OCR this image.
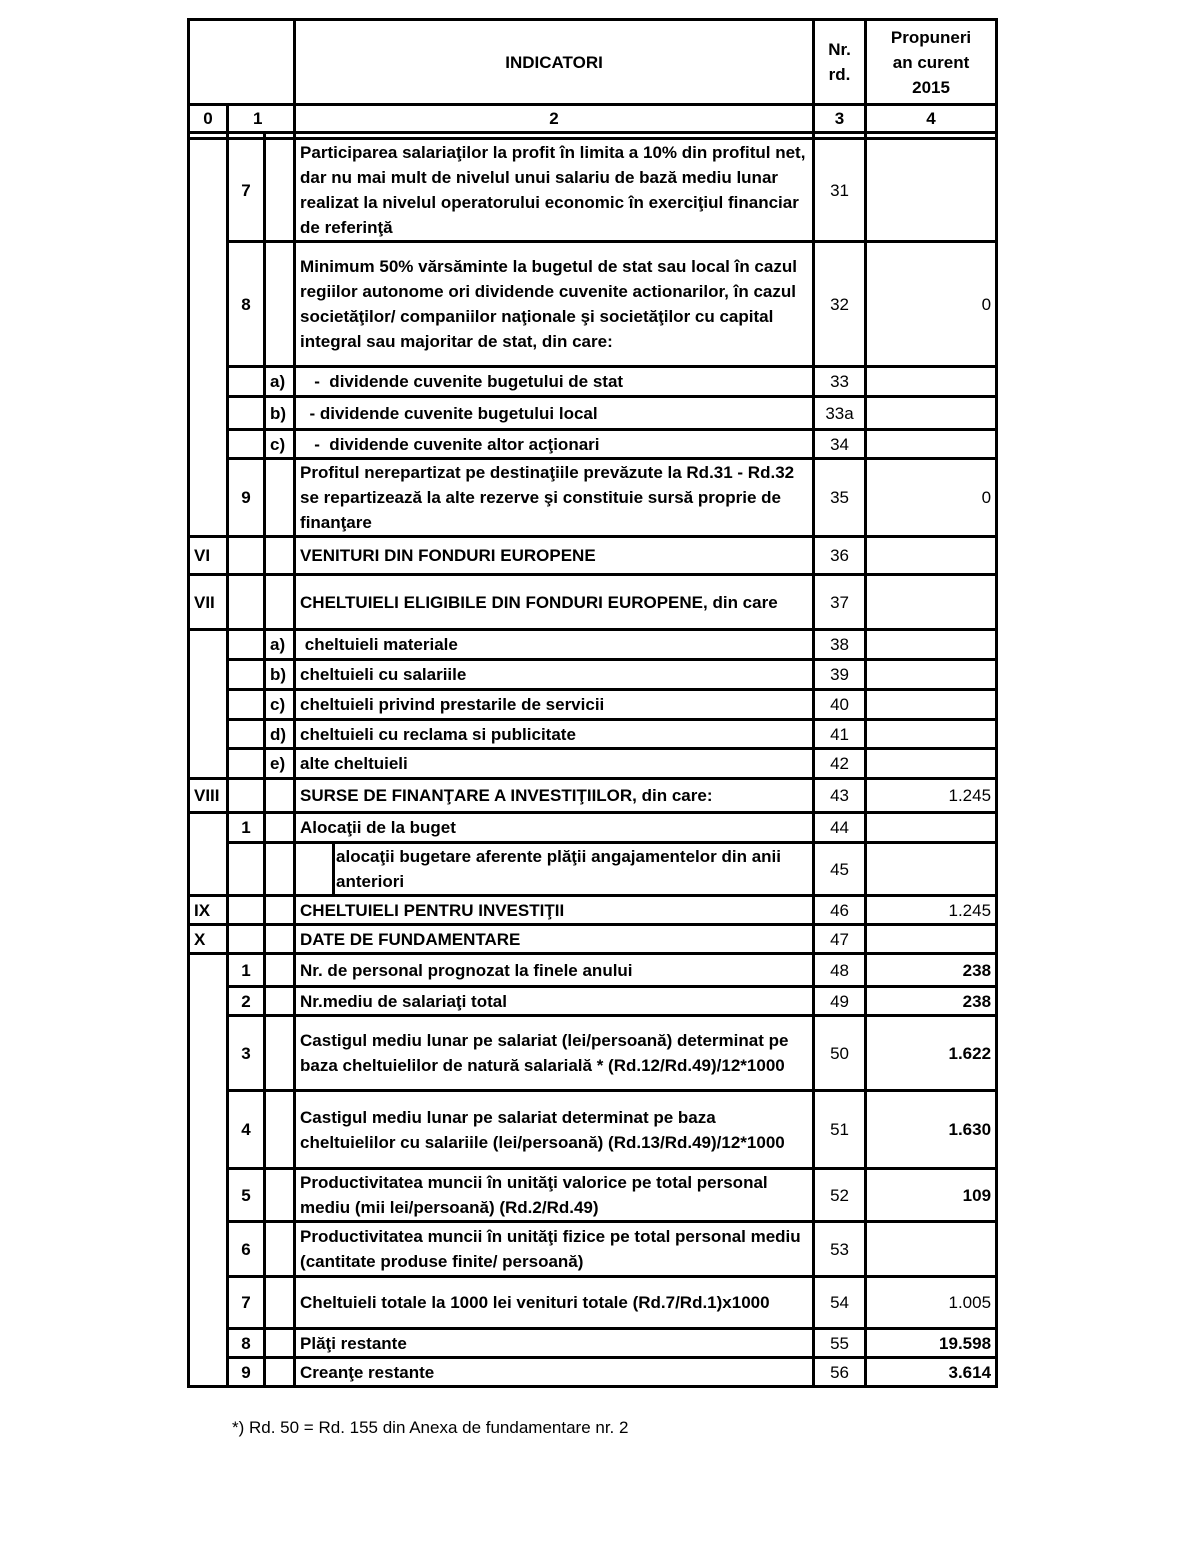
			INDICATORI	Nr. rd.	Propuneri an curent 2015
0	1		2	3	4

	7		Participarea salariaţilor la profit în limita a 10% din profitul net, dar nu mai mult de nivelul unui salariu de bază mediu lunar realizat la nivelul operatorului economic în exerciţiul financiar de referinţă	31	
	8		Minimum 50% vărsăminte la bugetul de stat sau local în cazul regiilor autonome ori dividende cuvenite actionarilor, în cazul societăţilor/ companiilor naţionale şi societăţilor cu capital integral sau majoritar de stat, din care:	32	0
		a)	-  dividende cuvenite bugetului de stat	33	
		b)	- dividende cuvenite bugetului local	33a	
		c)	-  dividende cuvenite altor acţionari	34	
	9		Profitul nerepartizat pe destinaţiile prevăzute la Rd.31 - Rd.32 se repartizează la alte rezerve şi constituie sursă proprie de finanţare	35	0
VI			VENITURI DIN FONDURI EUROPENE	36	
VII			CHELTUIELI ELIGIBILE DIN FONDURI EUROPENE, din care	37	
		a)	cheltuieli materiale	38	
		b)	cheltuieli cu salariile	39	
		c)	cheltuieli privind prestarile de servicii	40	
		d)	cheltuieli cu reclama si publicitate	41	
		e)	alte cheltuieli	42	
VIII			SURSE DE FINANŢARE A INVESTIŢIILOR, din care:	43	1.245
	1		Alocaţii de la buget	44	

alocaţii bugetare aferente plăţii angajamentelor din anii anteriori	45	
IX			CHELTUIELI PENTRU INVESTIŢII	46	1.245
X			DATE DE FUNDAMENTARE	47	
	1		Nr. de personal prognozat la finele anului	48	238
	2		Nr.mediu de salariaţi total	49	238
	3		Castigul mediu lunar pe salariat (lei/persoană) determinat pe baza cheltuielilor de natură salarială * (Rd.12/Rd.49)/12*1000	50	1.622
	4		Castigul mediu lunar pe salariat determinat pe baza cheltuielilor cu salariile (lei/persoană) (Rd.13/Rd.49)/12*1000	51	1.630
	5		Productivitatea muncii în unităţi valorice pe total personal mediu (mii lei/persoană) (Rd.2/Rd.49)	52	109
	6		Productivitatea muncii în unităţi fizice pe total personal mediu (cantitate produse finite/ persoană)	53	
	7		Cheltuieli totale la 1000 lei venituri totale (Rd.7/Rd.1)x1000	54	1.005
	8		Plăţi restante	55	19.598
	9		Creanţe restante	56	3.614
*) Rd. 50 = Rd. 155 din Anexa de fundamentare nr. 2
